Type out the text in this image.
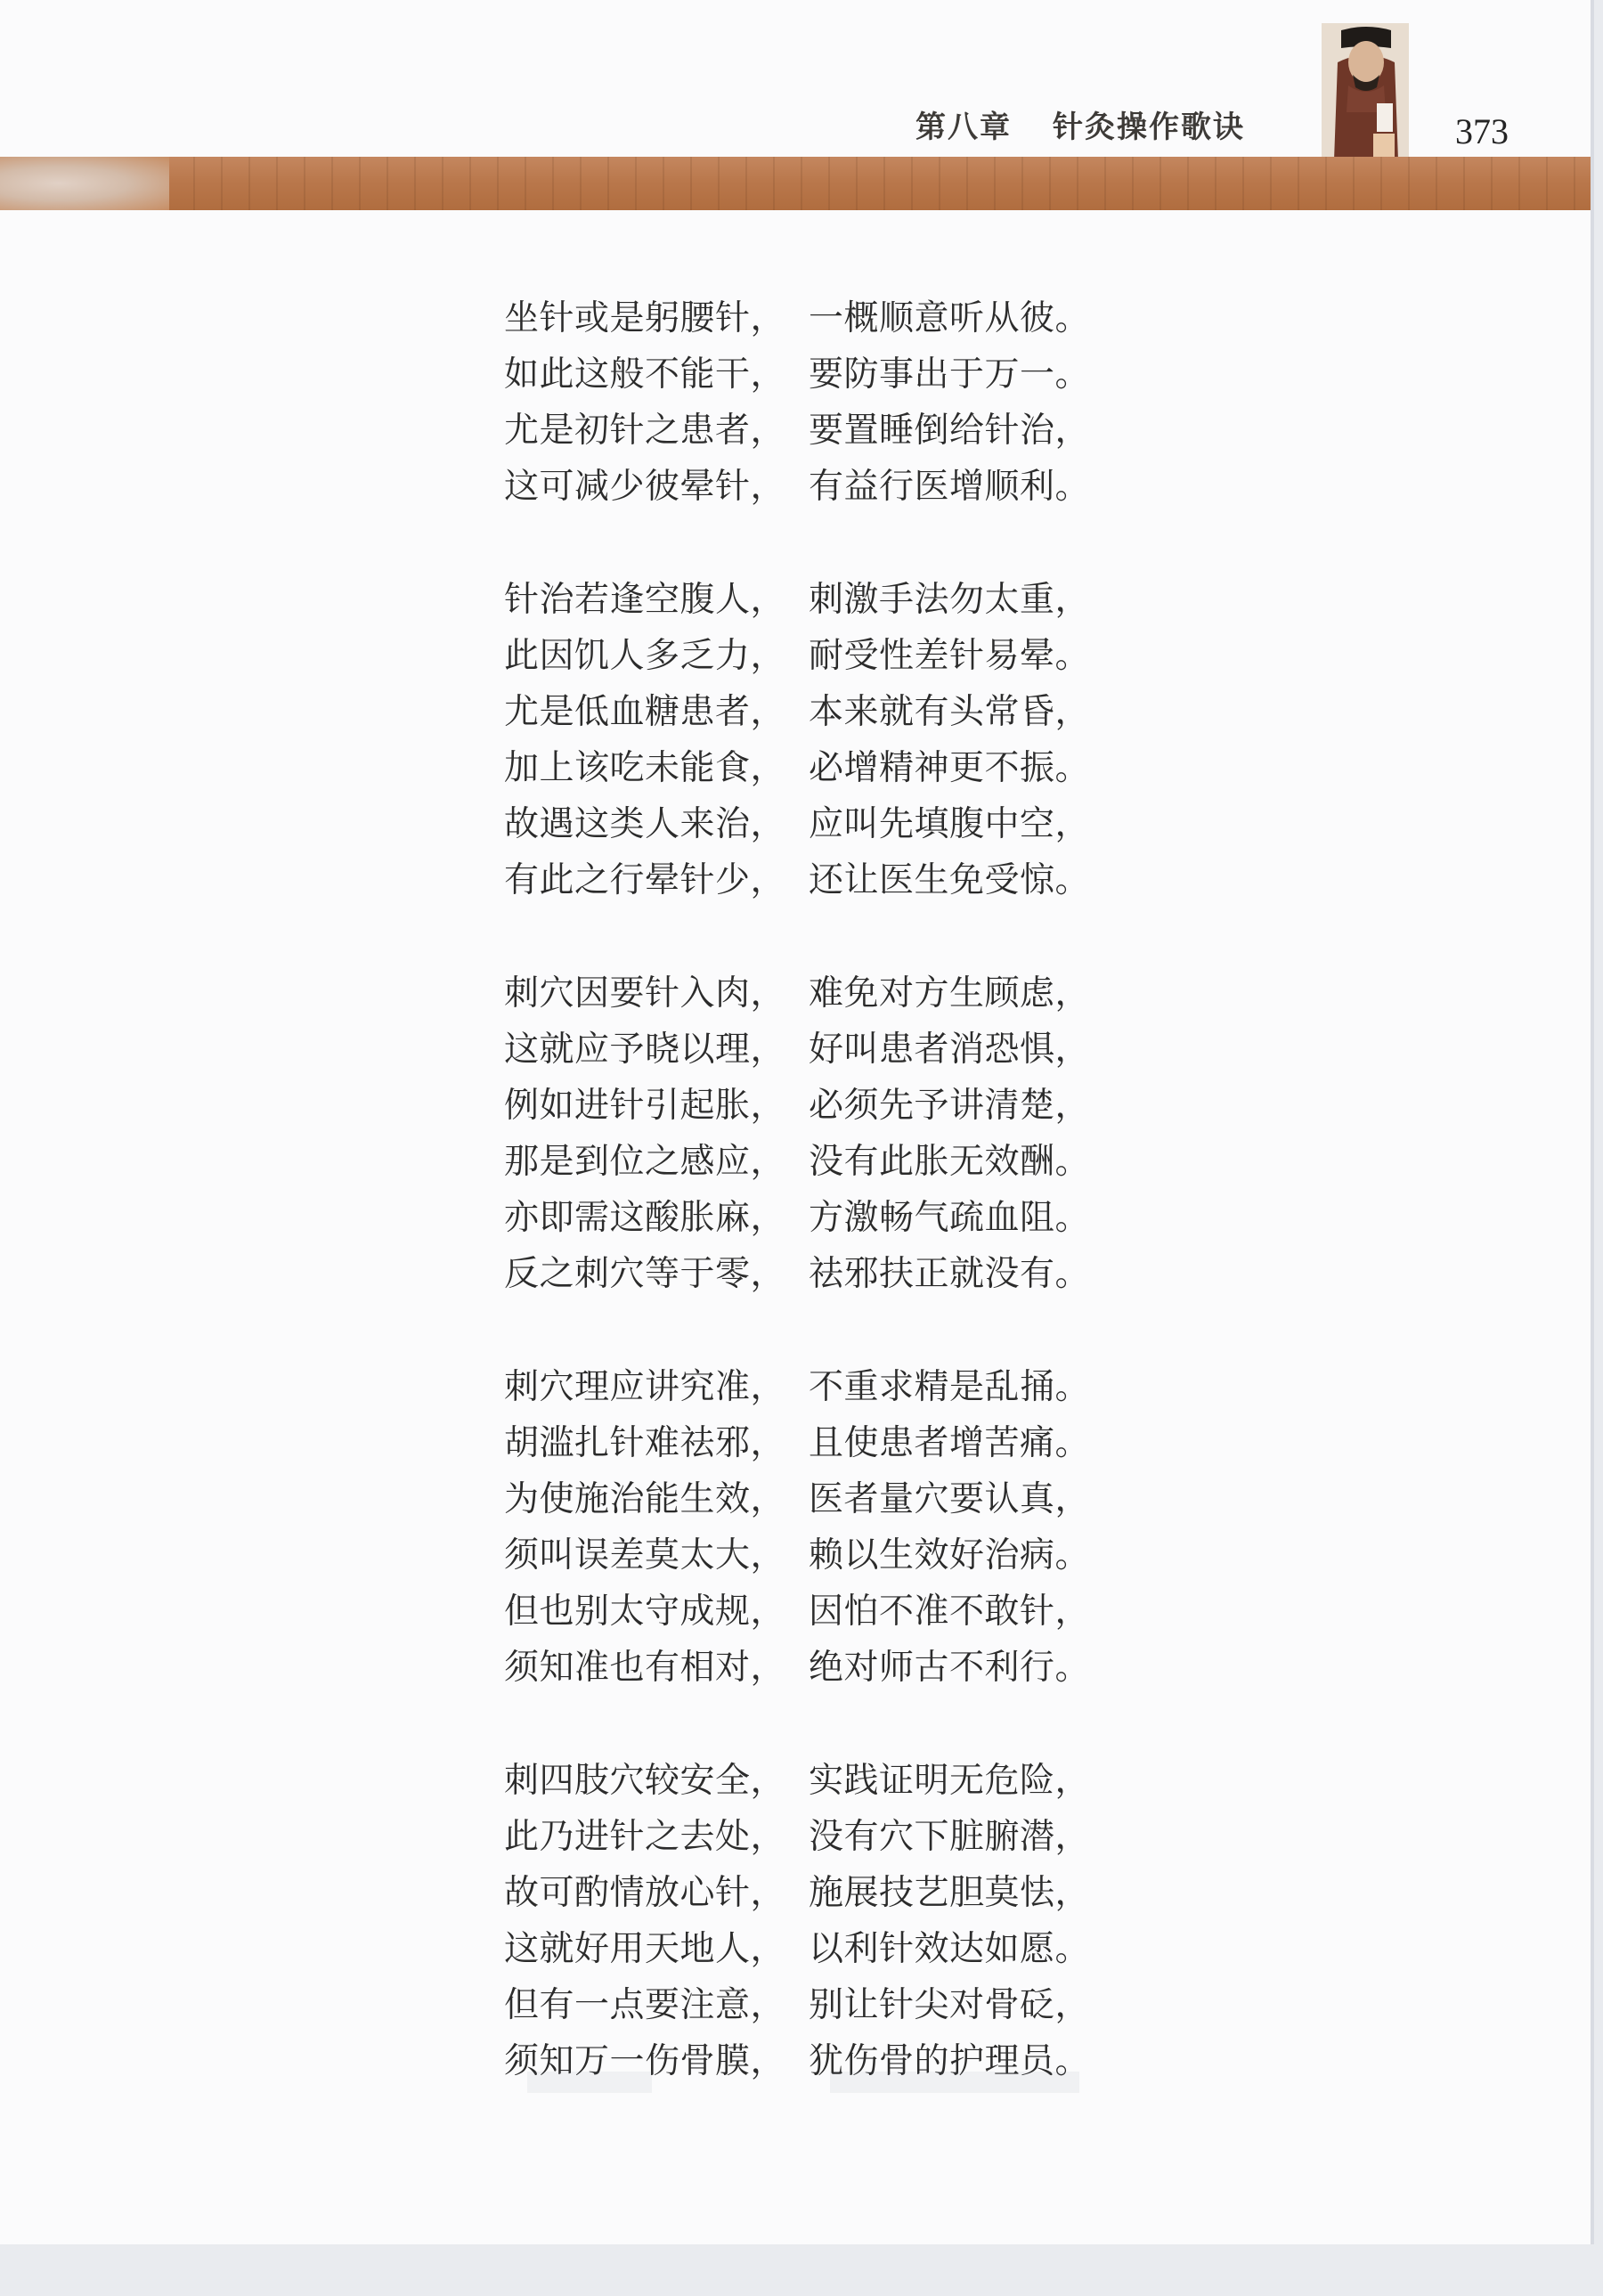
第八章 针灸操作歌诀	373
坐针或是躬腰针， 一概顺意听从彼。
如此这般不能干， 要防事出于万一。
尤是初针之患者， 要置睡倒给针治，
这可减少彼晕针， 有益行医增顺利。
针治若逢空腹人， 刺激手法勿太重，
此因饥人多乏力， 耐受性差针易晕。
尤是低血糖患者， 本来就有头常昏，
加上该吃未能食， 必增精神更不振。
故遇这类人来治， 应叫先填腹中空，
有此之行晕针少， 还让医生免受惊。
刺穴因要针入肉， 难免对方生顾虑，
这就应予晓以理， 好叫患者消恐惧，
例如进针引起胀， 必须先予讲清楚，
那是到位之感应， 没有此胀无效酬。
亦即需这酸胀麻， 方激畅气疏血阻。
反之刺穴等于零， 祛邪扶正就没有。
刺穴理应讲究准， 不重求精是乱捅。
胡滥扎针难祛邪， 且使患者增苦痛。
为使施治能生效， 医者量穴要认真，
须叫误差莫太大， 赖以生效好治病。
但也别太守成规， 因怕不准不敢针，
须知准也有相对， 绝对师古不利行。
刺四肢穴较安全， 实践证明无危险，
此乃进针之去处， 没有穴下脏腑潜，
故可酌情放心针， 施展技艺胆莫怯，
这就好用天地人， 以利针效达如愿。
但有一点要注意， 别让针尖对骨砭，
须知万一伤骨膜， 犹伤骨的护理员。
